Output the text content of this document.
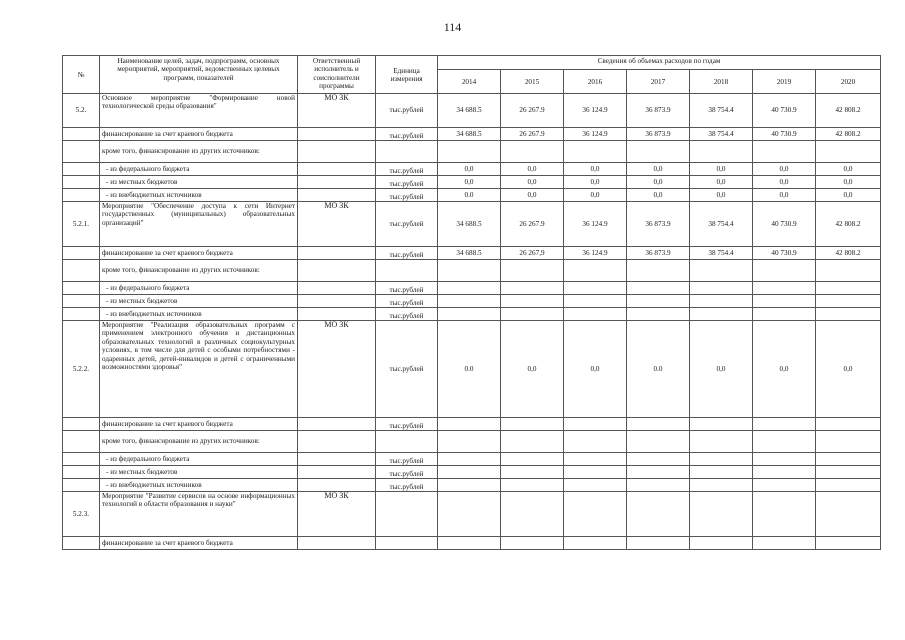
114
№	Наименование целей, задач, подпрограмм, основных мероприятий, мероприятий, ведомственных целевых программ, показателей	Ответственный исполнитель и соисполнители программы	Единица измерения	Сведения об объемах расходов по годам						
				2014	2015	2016	2017	2018	2019	2020
5.2.	Основное мероприятие "Формирование новой технологической среды образования"	МО ЗК	тыс.рублей	34 688.5	26 267.9	36 124.9	36 873.9	38 754.4	40 730.9	42 808.2
	финансирование за счет краевого бюджета		тыс.рублей	34 688.5	26 267.9	36 124.9	36 873.9	38 754.4	40 730.9	42 808.2
	кроме того, финансирование из других источников:									
	- из федерального бюджета		тыс.рублей	0,0	0,0	0,0	0,0	0,0	0,0	0,0
	- из местных бюджетов		тыс.рублей	0,0	0,0	0,0	0,0	0,0	0,0	0,0
	- из внебюджетных источников		тыс.рублей	0.0	0,0	0,0	0,0	0,0	0,0	0,0
5.2.1.	Мероприятие "Обеспечение доступа к сети Интернет государственных (муниципальных) образовательных организаций"	МО ЗК	тыс.рублей	34 688.5	26 267.9	36 124.9	36 873.9	38 754.4	40 730.9	42 808.2
	финансирование за счет краевого бюджета		тыс.рублей	34 688.5	26 267,9	36 124.9	36 873.9	38 754.4	40 730.9	42 808.2
	кроме того, финансирование из других источников:									
	- из федерального бюджета		тыс.рублей							
	- из местных бюджетов		тыс.рублей							
	- из внебюджетных источников		тыс.рублей							
5.2.2.	Мероприятие "Реализация образовательных программ с применением электронного обучения и дистанционных образовательных технологий в различных социокультурных условиях, в том числе для детей с особыми потребностями - одаренных детей, детей-инвалидов и детей с ограниченными возможностями здоровья"	МО ЗК	тыс.рублей	0.0	0,0	0,0	0.0	0,0	0,0	0,0
	финансирование за счет краевого бюджета		тыс.рублей							
	кроме того, финансирование из других источников:									
	- из федерального бюджета		тыс.рублей							
	- из местных бюджетов		тыс.рублей							
	- из внебюджетных источников		тыс.рублей							
5.2.3.	Мероприятие "Развитие сервисов на основе информационных технологий в области образования и науки"	МО ЗК								
	финансирование за счет краевого бюджета									
